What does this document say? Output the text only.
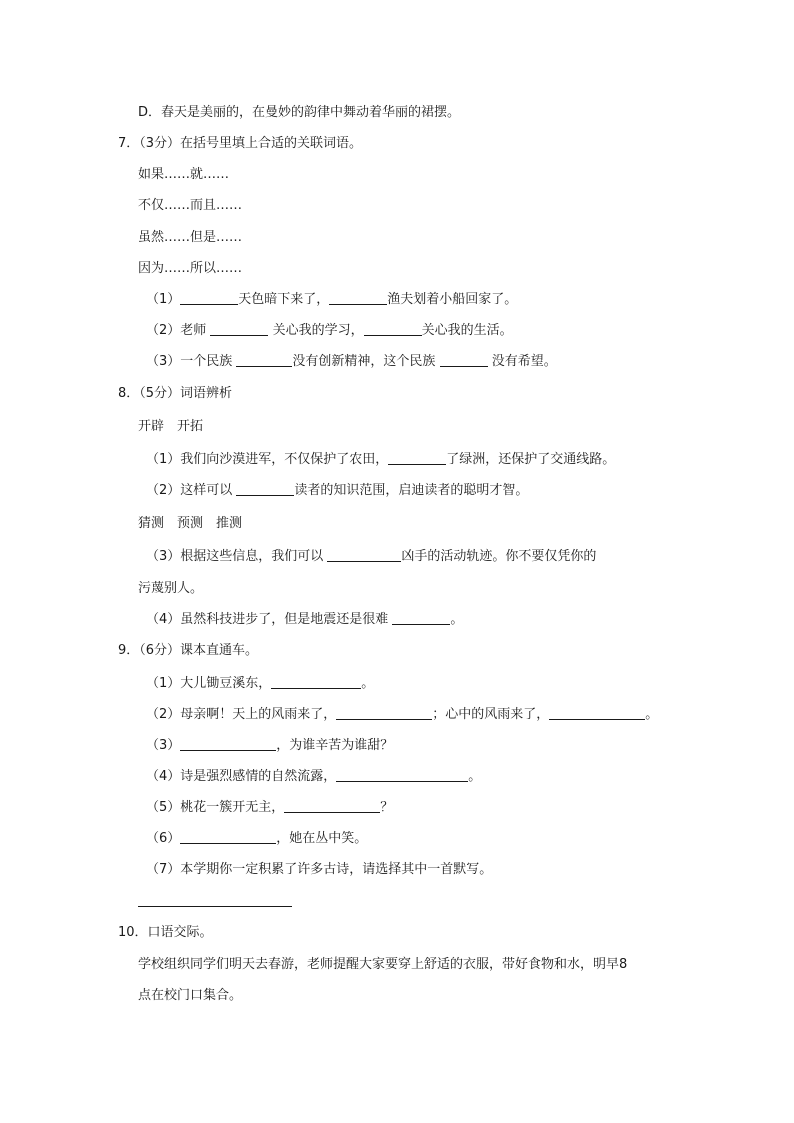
D．春天是美丽的，在曼妙的韵律中舞动着华丽的裙摆。
7．（3分）在括号里填上合适的关联词语。
如果……就……
不仅……而且……
虽然……但是……
因为……所以……
（1）	天色暗下来了，	渔夫划着小船回家了。
（2）老师	关心我的学习，	关心我的生活。
（3）一个民族	没有创新精神，这个民族	没有希望。
8．（5分）词语辨析
开辟　开拓
（1）我们向沙漠进军，不仅保护了农田，	了绿洲，还保护了交通线路。
（2）这样可以	读者的知识范围，启迪读者的聪明才智。
猜测　预测　推测
（3）根据这些信息，我们可以	凶手的活动轨迹。你不要仅凭你的
污蔑别人。
（4）虽然科技进步了，但是地震还是很难	。
9．（6分）课本直通车。
（1）大儿锄豆溪东，	。
（2）母亲啊！天上的风雨来了，	；心中的风雨来了，	。
（3）	，为谁辛苦为谁甜？
（4）诗是强烈感情的自然流露，	。
（5）桃花一簇开无主，	？
（6）	，她在丛中笑。
（7）本学期你一定积累了许多古诗，请选择其中一首默写。
10．口语交际。
学校组织同学们明天去春游，老师提醒大家要穿上舒适的衣服，带好食物和水，明早8
点在校门口集合。
